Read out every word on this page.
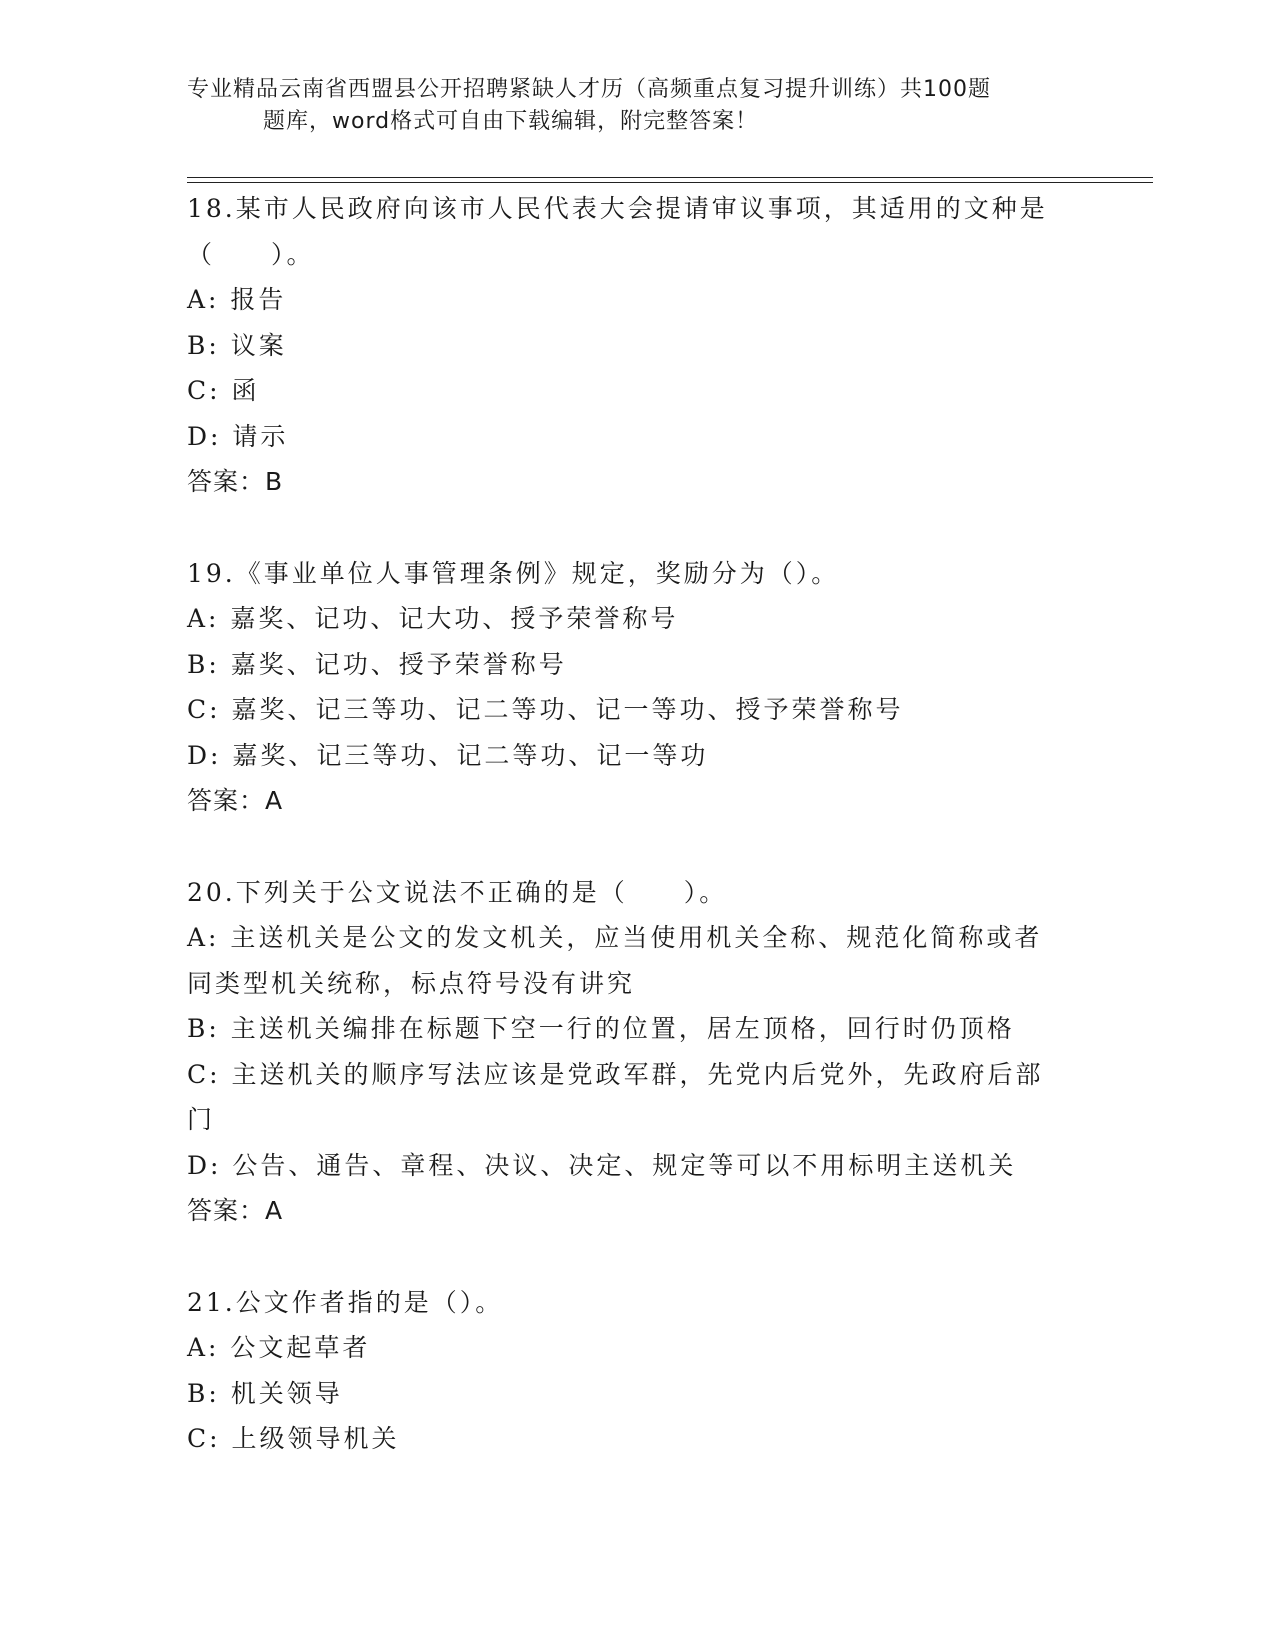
专业精品云南省西盟县公开招聘紧缺人才历（高频重点复习提升训练）共100题
题库，word格式可自由下载编辑，附完整答案！
18.某市人民政府向该市人民代表大会提请审议事项，其适用的文种是
（　　）。
A: 报告
B: 议案
C: 函
D: 请示
答案：B
19.《事业单位人事管理条例》规定，奖励分为（）。
A: 嘉奖、记功、记大功、授予荣誉称号
B: 嘉奖、记功、授予荣誉称号
C: 嘉奖、记三等功、记二等功、记一等功、授予荣誉称号
D: 嘉奖、记三等功、记二等功、记一等功
答案：A
20.下列关于公文说法不正确的是（　　）。
A: 主送机关是公文的发文机关，应当使用机关全称、规范化简称或者
同类型机关统称，标点符号没有讲究
B: 主送机关编排在标题下空一行的位置，居左顶格，回行时仍顶格
C: 主送机关的顺序写法应该是党政军群，先党内后党外，先政府后部
门
D: 公告、通告、章程、决议、决定、规定等可以不用标明主送机关
答案：A
21.公文作者指的是（）。
A: 公文起草者
B: 机关领导
C: 上级领导机关
